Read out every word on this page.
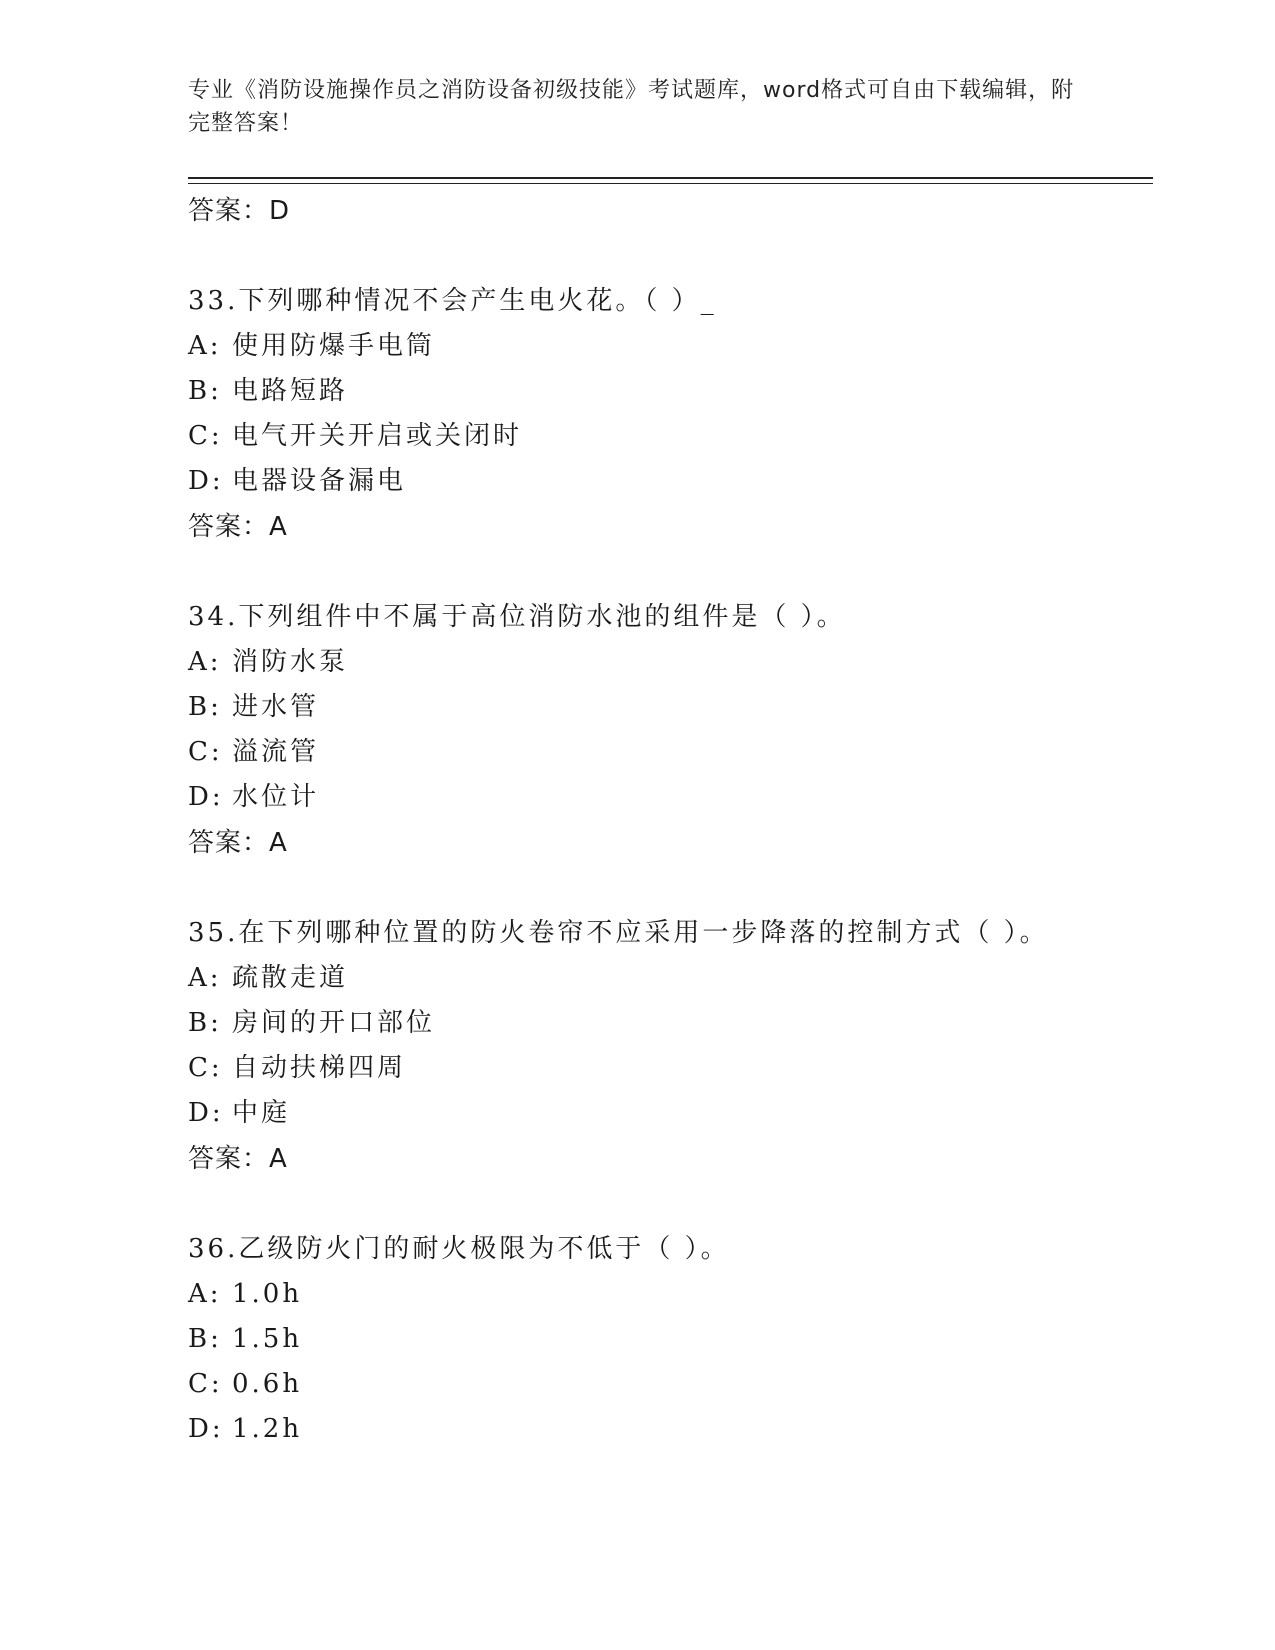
专业《消防设施操作员之消防设备初级技能》考试题库，word格式可自由下载编辑，附完整答案！
答案：D
33.下列哪种情况不会产生电火花。（ ）_
A: 使用防爆手电筒
B: 电路短路
C: 电气开关开启或关闭时
D: 电器设备漏电
答案：A
34.下列组件中不属于高位消防水池的组件是（ ）。
A: 消防水泵
B: 进水管
C: 溢流管
D: 水位计
答案：A
35.在下列哪种位置的防火卷帘不应采用一步降落的控制方式（ ）。
A: 疏散走道
B: 房间的开口部位
C: 自动扶梯四周
D: 中庭
答案：A
36.乙级防火门的耐火极限为不低于（ ）。
A: 1.0h
B: 1.5h
C: 0.6h
D: 1.2h
